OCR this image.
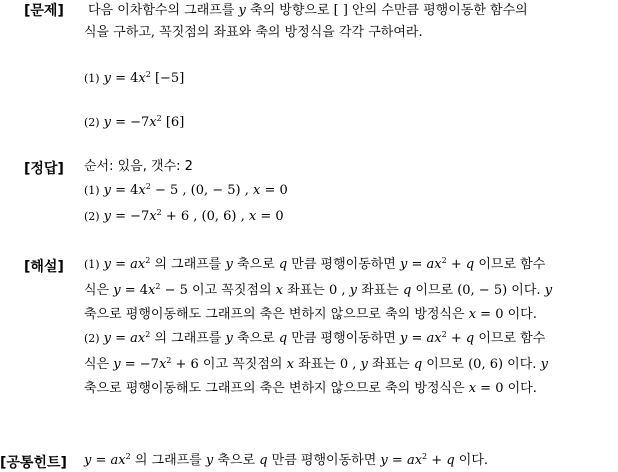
[문제] 다음 이차함수의 그래프를 y 축의 방향으로 [ ] 안의 수만큼 평행이동한 함수의
식을 구하고, 꼭짓점의 좌표와 축의 방정식을 각각 구하여라.
(1) $y = 4x^2$ [−5]
(2) $y = -7x^2$ [6]
[정답] 순서: 있음, 갯수: 2
(1) $y = 4x^2 - 5$ , (0, − 5) , x = 0
(2) $y = -7x^2 + 6$ , (0, 6) , x = 0
[해설] (1) $y = ax^2$ 의 그래프를 y 축으로 q 만큼 평행이동하면 $y = ax^2 + q$ 이므로 함수
식은 $y = 4x^2 - 5$ 이고 꼭짓점의 x 좌표는 0 , y 좌표는 q 이므로 (0, − 5) 이다. y
축으로 평행이동해도 그래프의 축은 변하지 않으므로 축의 방정식은 x = 0 이다.
(2) $y = ax^2$ 의 그래프를 y 축으로 q 만큼 평행이동하면 $y = ax^2 + q$ 이므로 함수
식은 $y = -7x^2 + 6$ 이고 꼭짓점의 x 좌표는 0 , y 좌표는 q 이므로 (0, 6) 이다. y
축으로 평행이동해도 그래프의 축은 변하지 않으므로 축의 방정식은 x = 0 이다.
[공통힌트] $y = ax^2$ 의 그래프를 y 축으로 q 만큼 평행이동하면 $y = ax^2 + q$ 이다.
